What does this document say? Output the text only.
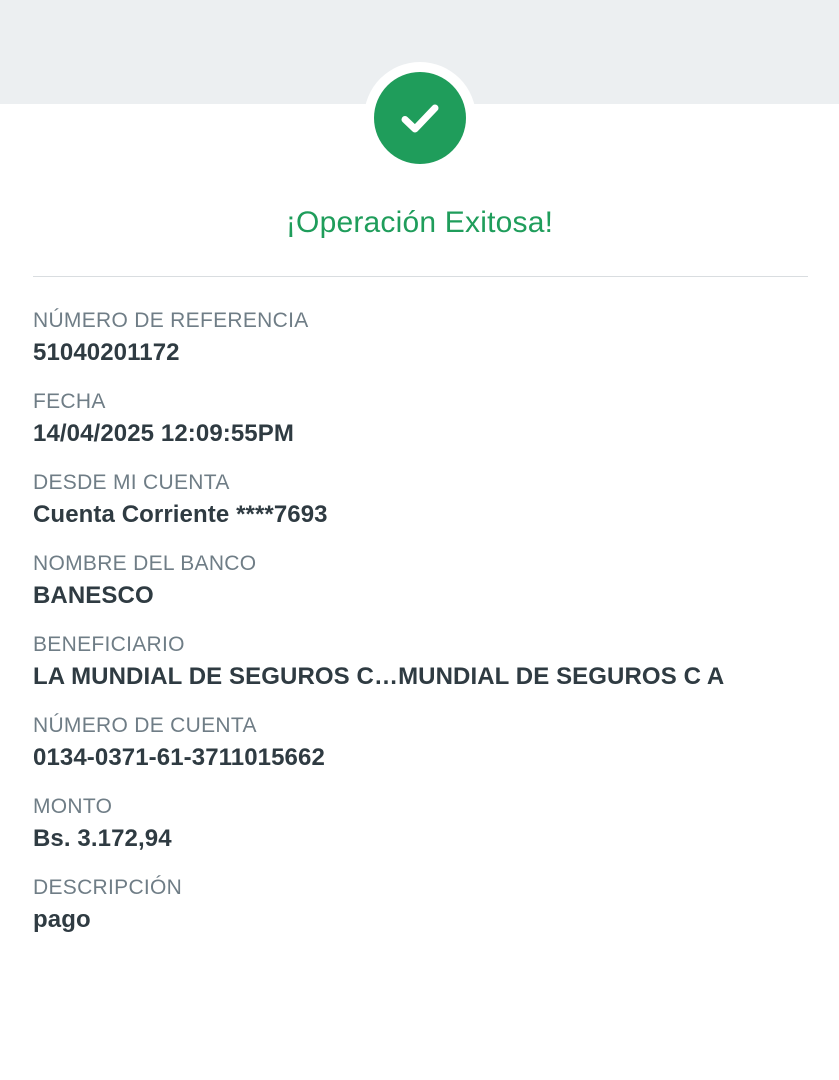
¡Operación Exitosa!
NÚMERO DE REFERENCIA
51040201172
FECHA
14/04/2025 12:09:55PM
DESDE MI CUENTA
Cuenta Corriente ****7693
NOMBRE DEL BANCO
BANESCO
BENEFICIARIO
LA MUNDIAL DE SEGUROS C…MUNDIAL DE SEGUROS C A
NÚMERO DE CUENTA
0134-0371-61-3711015662
MONTO
Bs. 3.172,94
DESCRIPCIÓN
pago
